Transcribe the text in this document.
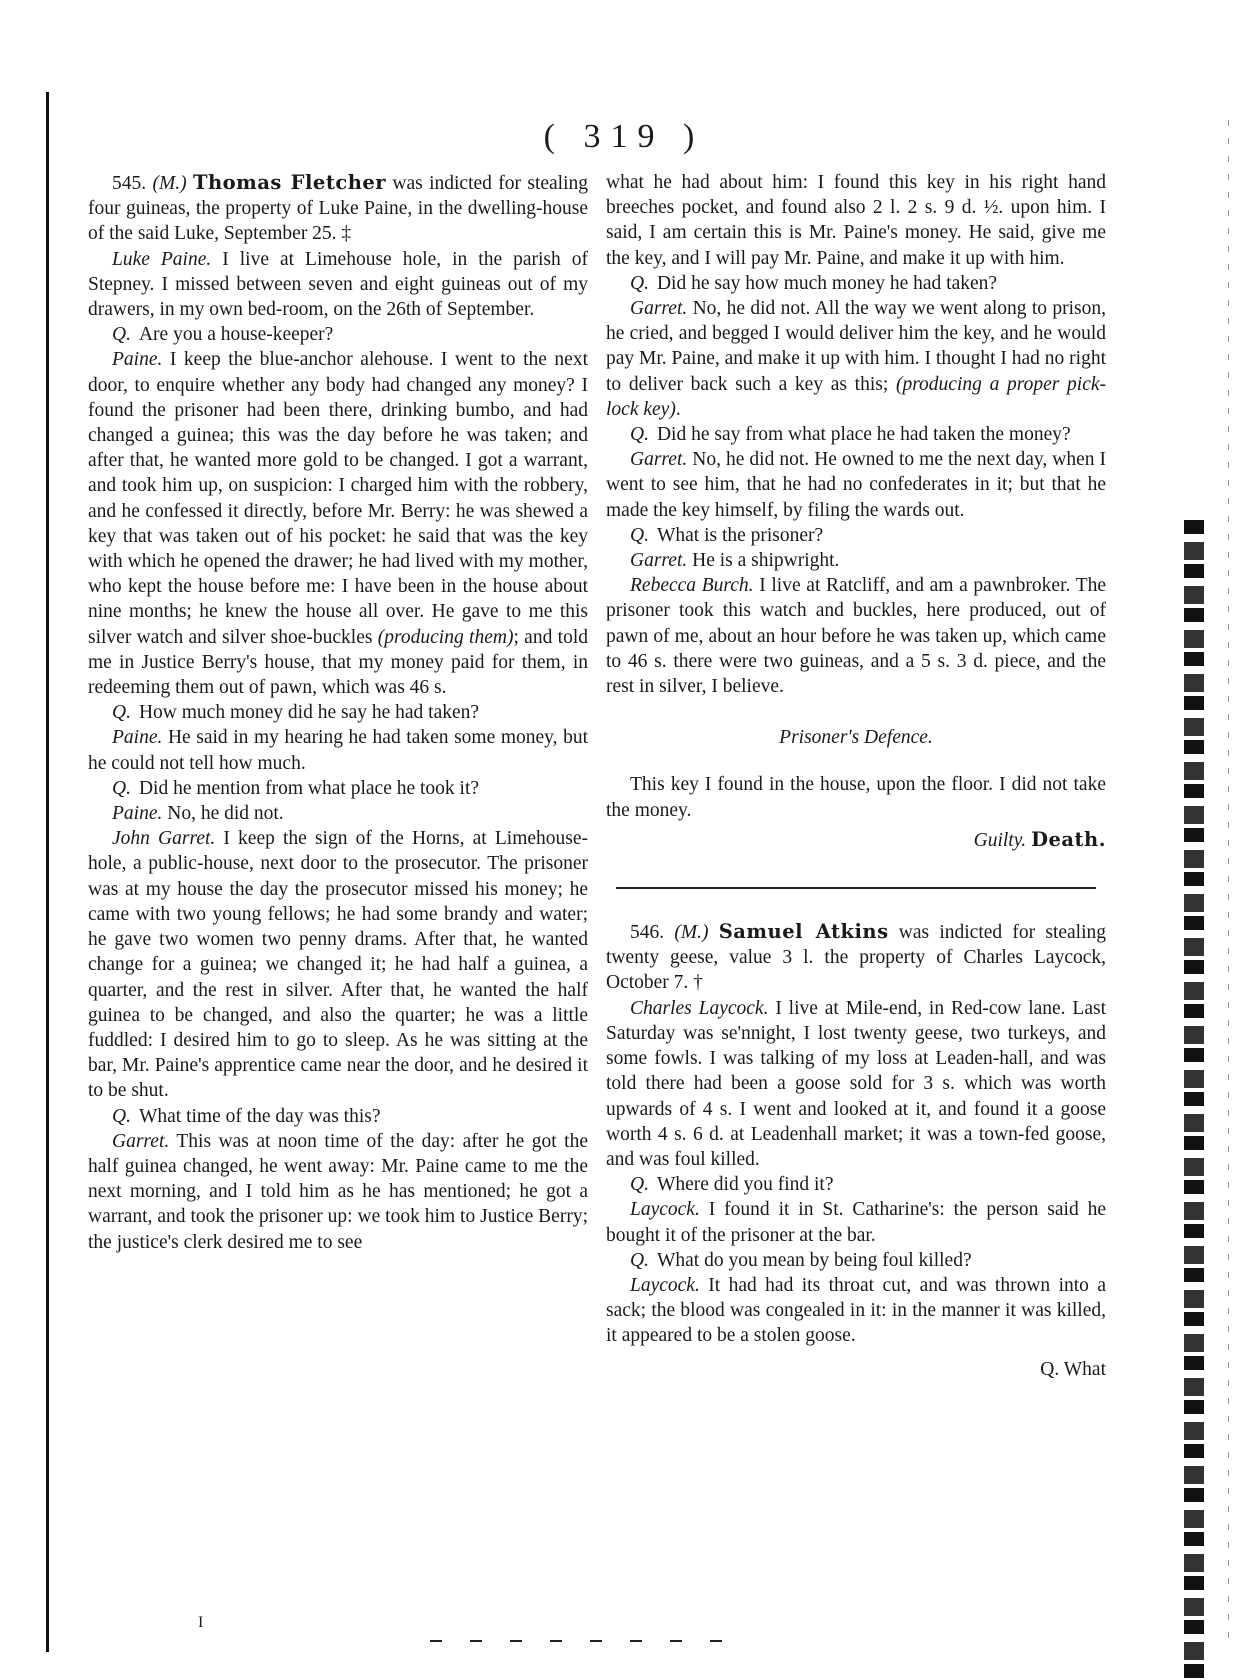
( 319 )

545. (M.) Thomas Fletcher was indicted for stealing four guineas, the property of Luke Paine, in the dwelling-house of the said Luke, September 25. ‡

Luke Paine. I live at Limehouse hole, in the parish of Stepney. I missed between seven and eight guineas out of my drawers, in my own bed-room, on the 26th of September.

Q. Are you a house-keeper?

Paine. I keep the blue-anchor alehouse. I went to the next door, to enquire whether any body had changed any money? I found the prisoner had been there, drinking bumbo, and had changed a guinea; this was the day before he was taken; and after that, he wanted more gold to be changed. I got a warrant, and took him up, on suspicion: I charged him with the robbery, and he confessed it directly, before Mr. Berry: he was shewed a key that was taken out of his pocket: he said that was the key with which he opened the drawer; he had lived with my mother, who kept the house before me: I have been in the house about nine months; he knew the house all over. He gave to me this silver watch and silver shoe-buckles (producing them); and told me in Justice Berry's house, that my money paid for them, in redeeming them out of pawn, which was 46 s.

Q. How much money did he say he had taken?

Paine. He said in my hearing he had taken some money, but he could not tell how much.

Q. Did he mention from what place he took it?

Paine. No, he did not.

John Garret. I keep the sign of the Horns, at Limehouse-hole, a public-house, next door to the prosecutor. The prisoner was at my house the day the prosecutor missed his money; he came with two young fellows; he had some brandy and water; he gave two women two penny drams. After that, he wanted change for a guinea; we changed it; he had half a guinea, a quarter, and the rest in silver. After that, he wanted the half guinea to be changed, and also the quarter; he was a little fuddled: I desired him to go to sleep. As he was sitting at the bar, Mr. Paine's apprentice came near the door, and he desired it to be shut.

Q. What time of the day was this?

Garret. This was at noon time of the day: after he got the half guinea changed, he went away: Mr. Paine came to me the next morning, and I told him as he has mentioned; he got a warrant, and took the prisoner up: we took him to Justice Berry; the justice's clerk desired me to see

what he had about him: I found this key in his right hand breeches pocket, and found also 2 l. 2 s. 9 d. ½. upon him. I said, I am certain this is Mr. Paine's money. He said, give me the key, and I will pay Mr. Paine, and make it up with him.

Q. Did he say how much money he had taken?

Garret. No, he did not. All the way we went along to prison, he cried, and begged I would deliver him the key, and he would pay Mr. Paine, and make it up with him. I thought I had no right to deliver back such a key as this; (producing a proper pick-lock key).

Q. Did he say from what place he had taken the money?

Garret. No, he did not. He owned to me the next day, when I went to see him, that he had no confederates in it; but that he made the key himself, by filing the wards out.

Q. What is the prisoner?

Garret. He is a shipwright.

Rebecca Burch. I live at Ratcliff, and am a pawnbroker. The prisoner took this watch and buckles, here produced, out of pawn of me, about an hour before he was taken up, which came to 46 s. there were two guineas, and a 5 s. 3 d. piece, and the rest in silver, I believe.

Prisoner's Defence.

This key I found in the house, upon the floor. I did not take the money.

Guilty. Death.

546. (M.) Samuel Atkins was indicted for stealing twenty geese, value 3 l. the property of Charles Laycock, October 7. †

Charles Laycock. I live at Mile-end, in Red-cow lane. Last Saturday was se'nnight, I lost twenty geese, two turkeys, and some fowls. I was talking of my loss at Leaden-hall, and was told there had been a goose sold for 3 s. which was worth upwards of 4 s. I went and looked at it, and found it a goose worth 4 s. 6 d. at Leadenhall market; it was a town-fed goose, and was foul killed.

Q. Where did you find it?

Laycock. I found it in St. Catharine's: the person said he bought it of the prisoner at the bar.

Q. What do you mean by being foul killed?

Laycock. It had had its throat cut, and was thrown into a sack; the blood was congealed in it: in the manner it was killed, it appeared to be a stolen goose.

Q. What

I
